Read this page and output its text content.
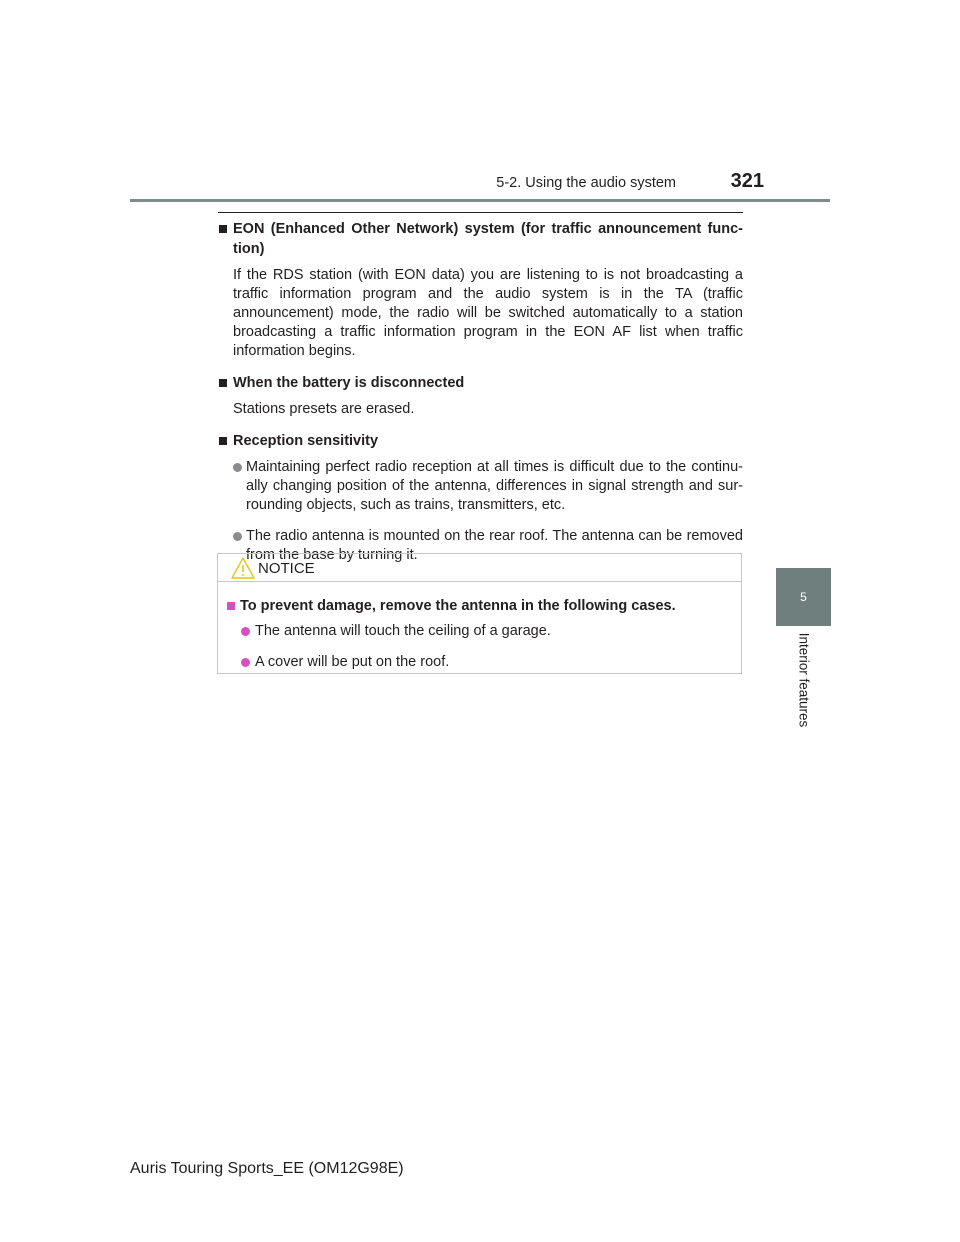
5-2. Using the audio system	321
5
Interior features
EON (Enhanced Other Network) system (for traffic announcement func-tion)
If the RDS station (with EON data) you are listening to is not broadcasting a traffic information program and the audio system is in the TA (traffic announcement) mode, the radio will be switched automatically to a station broadcasting a traffic information program in the EON AF list when traffic information begins.
When the battery is disconnected
Stations presets are erased.
Reception sensitivity
Maintaining perfect radio reception at all times is difficult due to the continu-ally changing position of the antenna, differences in signal strength and sur-rounding objects, such as trains, transmitters, etc.
The radio antenna is mounted on the rear roof. The antenna can be removed from the base by turning it.
NOTICE
To prevent damage, remove the antenna in the following cases.
The antenna will touch the ceiling of a garage.
A cover will be put on the roof.
Auris Touring Sports_EE (OM12G98E)
